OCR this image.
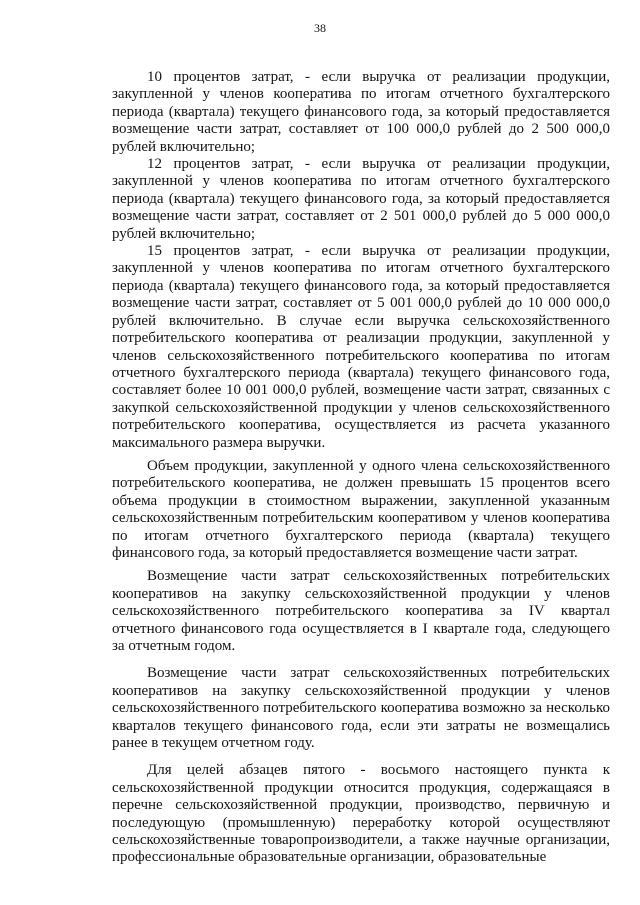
38

10 процентов затрат, - если выручка от реализации продукции, закупленной у членов кооператива по итогам отчетного бухгалтерского периода (квартала) текущего финансового года, за который предоставляется возмещение части затрат, составляет от 100 000,0 рублей до 2 500 000,0 рублей включительно;

12 процентов затрат, - если выручка от реализации продукции, закупленной у членов кооператива по итогам отчетного бухгалтерского периода (квартала) текущего финансового года, за который предоставляется возмещение части затрат, составляет от 2 501 000,0 рублей до 5 000 000,0 рублей включительно;

15 процентов затрат, - если выручка от реализации продукции, закупленной у членов кооператива по итогам отчетного бухгалтерского периода (квартала) текущего финансового года, за который предоставляется возмещение части затрат, составляет от 5 001 000,0 рублей до 10 000 000,0 рублей включительно. В случае если выручка сельскохозяйственного потребительского кооператива от реализации продукции, закупленной у членов сельскохозяйственного потребительского кооператива по итогам отчетного бухгалтерского периода (квартала) текущего финансового года, составляет более 10 001 000,0 рублей, возмещение части затрат, связанных с закупкой сельскохозяйственной продукции у членов сельскохозяйственного потребительского кооператива, осуществляется из расчета указанного максимального размера выручки.

Объем продукции, закупленной у одного члена сельскохозяйственного потребительского кооператива, не должен превышать 15 процентов всего объема продукции в стоимостном выражении, закупленной указанным сельскохозяйственным потребительским кооперативом у членов кооператива по итогам отчетного бухгалтерского периода (квартала) текущего финансового года, за который предоставляется возмещение части затрат.

Возмещение части затрат сельскохозяйственных потребительских кооперативов на закупку сельскохозяйственной продукции у членов сельскохозяйственного потребительского кооператива за IV квартал отчетного финансового года осуществляется в I квартале года, следующего за отчетным годом.

Возмещение части затрат сельскохозяйственных потребительских кооперативов на закупку сельскохозяйственной продукции у членов сельскохозяйственного потребительского кооператива возможно за несколько кварталов текущего финансового года, если эти затраты не возмещались ранее в текущем отчетном году.

Для целей абзацев пятого - восьмого настоящего пункта к сельскохозяйственной продукции относится продукция, содержащаяся в перечне сельскохозяйственной продукции, производство, первичную и последующую (промышленную) переработку которой осуществляют сельскохозяйственные товаропроизводители, а также научные организации, профессиональные образовательные организации, образовательные
